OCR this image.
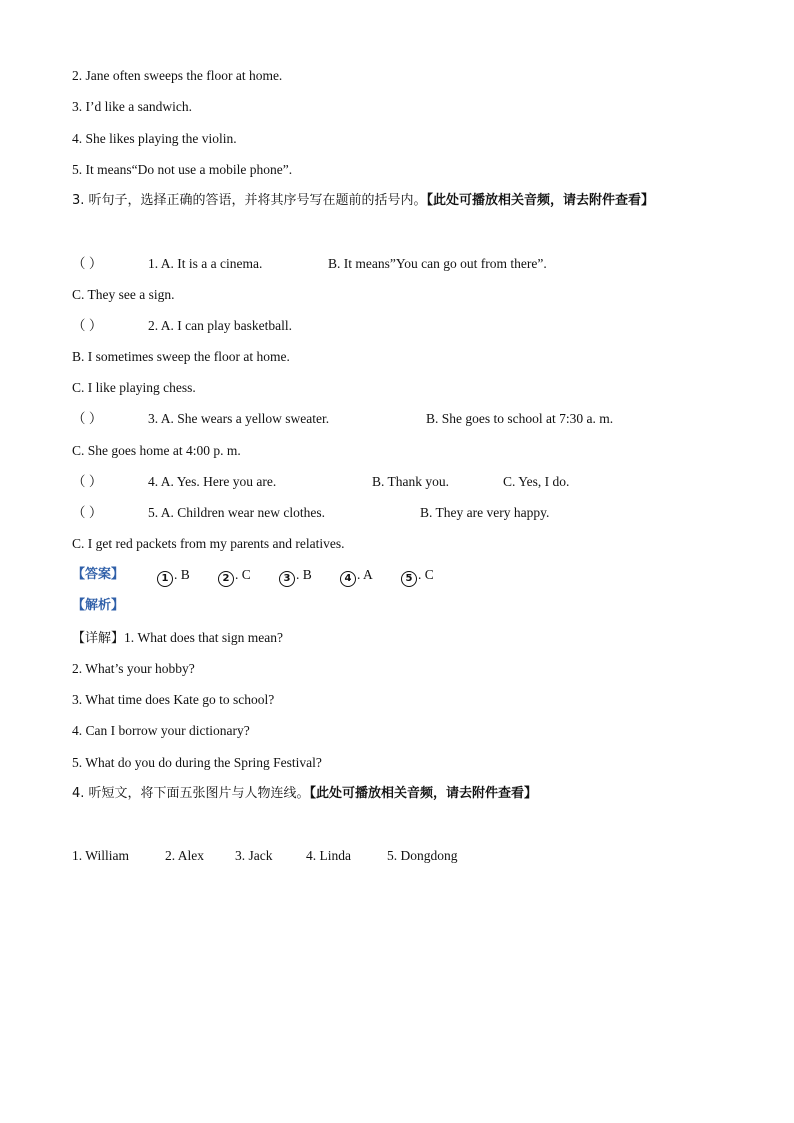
2. Jane often sweeps the floor at home.
3. I’d like a sandwich.
4. She likes playing the violin.
5. It means“Do not use a mobile phone”.
3. 听句子，选择正确的答语，并将其序号写在题前的括号内。【此处可播放相关音频，请去附件查看】
（ ）	1. A. It is a a cinema.	B. It means”You can go out from there”.
C. They see a sign.
（ ）	2. A. I can play basketball.
B. I sometimes sweep the floor at home.
C. I like playing chess.
（ ）	3. A. She wears a yellow sweater.	B. She goes to school at 7:30 a. m.
C. She goes home at 4:00 p. m.
（ ）	4. A. Yes. Here you are.	B. Thank you.	C. Yes, I do.
（ ）	5. A. Children wear new clothes.	B. They are very happy.
C. I get red packets from my parents and relatives.
【答案】	1 . B	2 . C	3 . B	4 . A	5 . C
【解析】
【详解】1. What does that sign mean?
2. What’s your hobby?
3. What time does Kate go to school?
4. Can I borrow your dictionary?
5. What do you do during the Spring Festival?
4. 听短文，将下面五张图片与人物连线。【此处可播放相关音频，请去附件查看】
1. William	2. Alex 3. Jack 4. Linda	5. Dongdong
